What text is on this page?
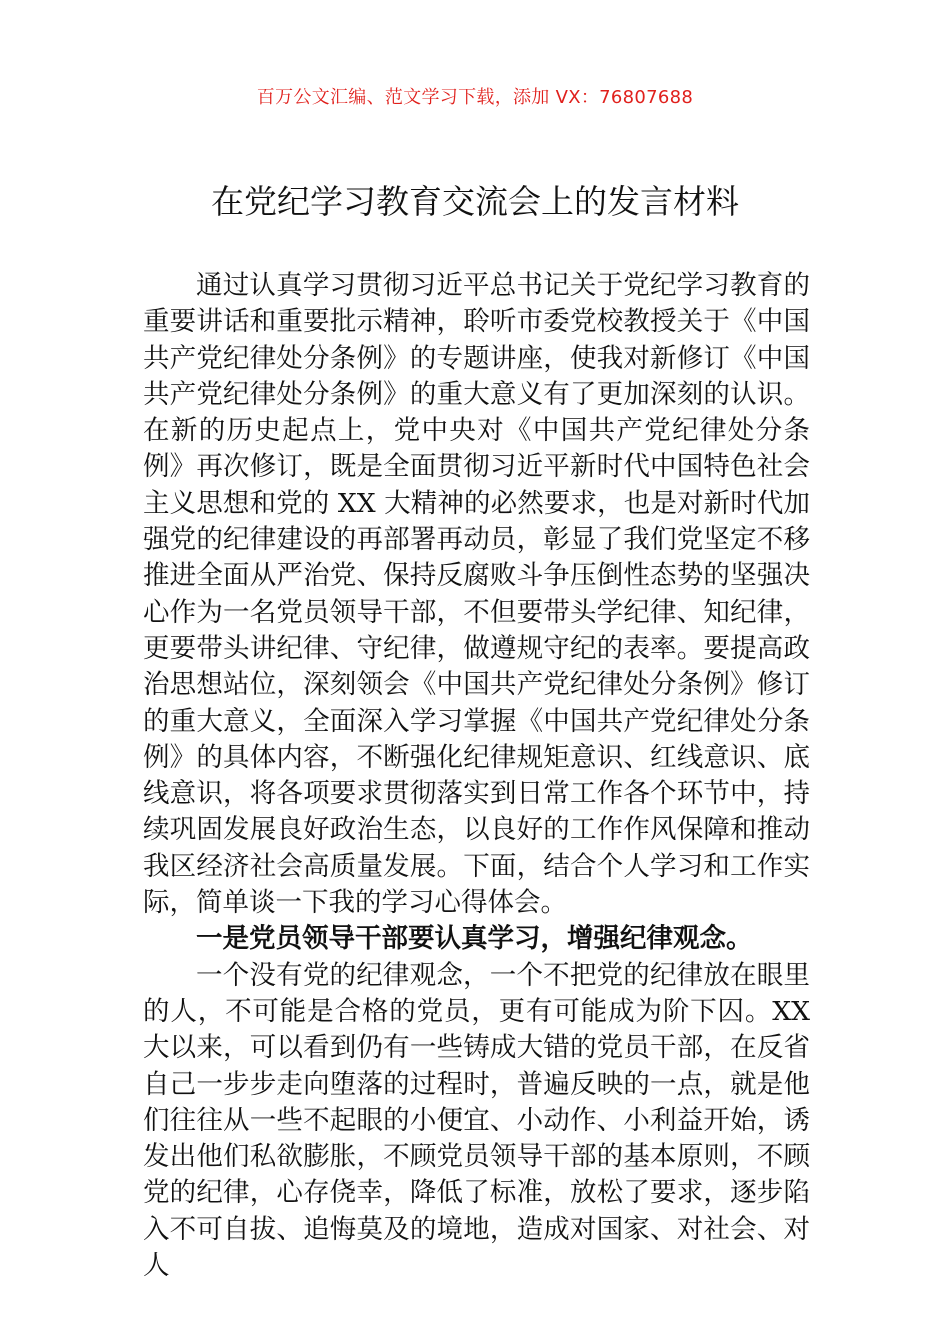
百万公文汇编、范文学习下载，添加 VX：76807688
在党纪学习教育交流会上的发言材料

通过认真学习贯彻习近平总书记关于党纪学习教育的重要讲话和重要批示精神，聆听市委党校教授关于《中国共产党纪律处分条例》的专题讲座，使我对新修订《中国共产党纪律处分条例》的重大意义有了更加深刻的认识。在新的历史起点上，党中央对《中国共产党纪律处分条例》再次修订，既是全面贯彻习近平新时代中国特色社会主义思想和党的 XX 大精神的必然要求，也是对新时代加强党的纪律建设的再部署再动员，彰显了我们党坚定不移推进全面从严治党、保持反腐败斗争压倒性态势的坚强决心作为一名党员领导干部，不但要带头学纪律、知纪律，更要带头讲纪律、守纪律，做遵规守纪的表率。要提高政治思想站位，深刻领会《中国共产党纪律处分条例》修订的重大意义，全面深入学习掌握《中国共产党纪律处分条例》的具体内容，不断强化纪律规矩意识、红线意识、底线意识，将各项要求贯彻落实到日常工作各个环节中，持续巩固发展良好政治生态，以良好的工作作风保障和推动我区经济社会高质量发展。下面，结合个人学习和工作实际，简单谈一下我的学习心得体会。

一是党员领导干部要认真学习，增强纪律观念。

一个没有党的纪律观念，一个不把党的纪律放在眼里的人，不可能是合格的党员，更有可能成为阶下囚。XX 大以来，可以看到仍有一些铸成大错的党员干部，在反省自己一步步走向堕落的过程时，普遍反映的一点，就是他们往往从一些不起眼的小便宜、小动作、小利益开始，诱发出他们私欲膨胀，不顾党员领导干部的基本原则，不顾党的纪律，心存侥幸，降低了标准，放松了要求，逐步陷入不可自拔、追悔莫及的境地，造成对国家、对社会、对人
